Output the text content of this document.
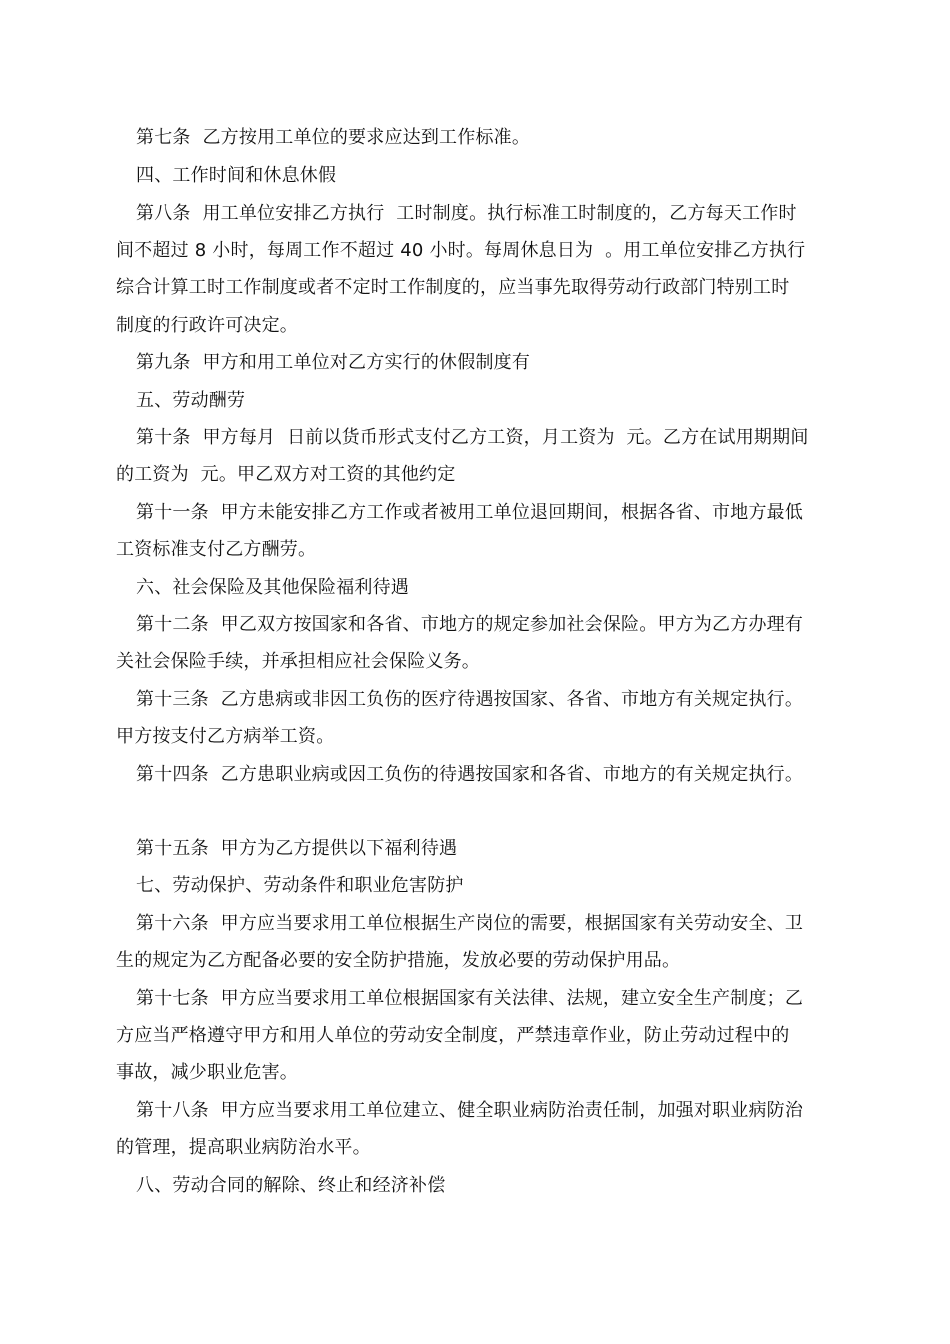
第七条  乙方按用工单位的要求应达到工作标准。

四、工作时间和休息休假

第八条  用工单位安排乙方执行  工时制度。执行标准工时制度的，乙方每天工作时

间不超过 8 小时，每周工作不超过 40 小时。每周休息日为  。用工单位安排乙方执行

综合计算工时工作制度或者不定时工作制度的，应当事先取得劳动行政部门特别工时

制度的行政许可决定。

第九条  甲方和用工单位对乙方实行的休假制度有

五、劳动酬劳

第十条  甲方每月  日前以货币形式支付乙方工资，月工资为  元。乙方在试用期期间

的工资为  元。甲乙双方对工资的其他约定

第十一条  甲方未能安排乙方工作或者被用工单位退回期间，根据各省、市地方最低

工资标准支付乙方酬劳。

六、社会保险及其他保险福利待遇

第十二条  甲乙双方按国家和各省、市地方的规定参加社会保险。甲方为乙方办理有

关社会保险手续，并承担相应社会保险义务。

第十三条  乙方患病或非因工负伤的医疗待遇按国家、各省、市地方有关规定执行。

甲方按支付乙方病举工资。

第十四条  乙方患职业病或因工负伤的待遇按国家和各省、市地方的有关规定执行。

第十五条  甲方为乙方提供以下福利待遇

七、劳动保护、劳动条件和职业危害防护

第十六条  甲方应当要求用工单位根据生产岗位的需要，根据国家有关劳动安全、卫

生的规定为乙方配备必要的安全防护措施，发放必要的劳动保护用品。

第十七条  甲方应当要求用工单位根据国家有关法律、法规，建立安全生产制度；乙

方应当严格遵守甲方和用人单位的劳动安全制度，严禁违章作业，防止劳动过程中的

事故，减少职业危害。

第十八条  甲方应当要求用工单位建立、健全职业病防治责任制，加强对职业病防治

的管理，提高职业病防治水平。

八、劳动合同的解除、终止和经济补偿
